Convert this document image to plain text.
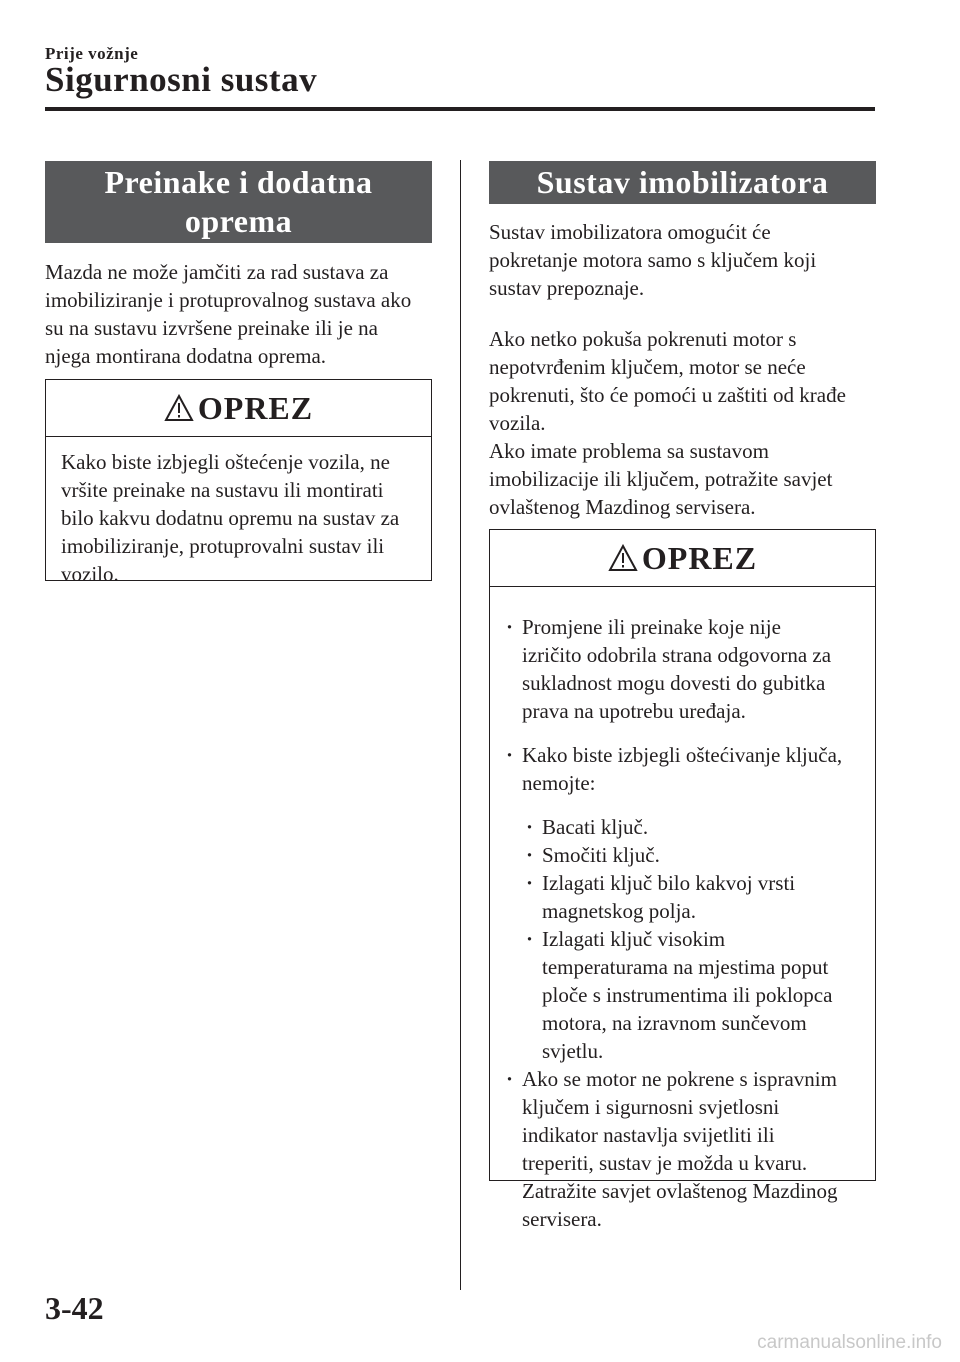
Prije vožnje
Sigurnosni sustav
Preinake i dodatna
oprema

Mazda ne može jamčiti za rad sustava za

imobiliziranje i protuprovalnog sustava ako

su na sustavu izvršene preinake ili je na

njega montirana dodatna oprema.

OPREZ
Kako biste izbjegli oštećenje vozila, ne
vršite preinake na sustavu ili montirati
bilo kakvu dodatnu opremu na sustav za
imobiliziranje, protuprovalni sustav ili
vozilo.
Sustav imobilizatora

Sustav imobilizatora omogućit će

pokretanje motora samo s ključem koji

sustav prepoznaje.

Ako netko pokuša pokrenuti motor s

nepotvrđenim ključem, motor se neće

pokrenuti, što će pomoći u zaštiti od krađe

vozila.

Ako imate problema sa sustavom

imobilizacije ili ključem, potražite savjet

ovlaštenog Mazdinog servisera.

OPREZ
· Promjene ili preinake koje nije
izričito odobrila strana odgovorna za
sukladnost mogu dovesti do gubitka
prava na upotrebu uređaja.
· Kako biste izbjegli oštećivanje ključa,
nemojte:
· Bacati ključ.
· Smočiti ključ.
· Izlagati ključ bilo kakvoj vrsti
magnetskog polja.
· Izlagati ključ visokim
temperaturama na mjestima poput
ploče s instrumentima ili poklopca
motora, na izravnom sunčevom
svjetlu.
· Ako se motor ne pokrene s ispravnim
ključem i sigurnosni svjetlosni
indikator nastavlja svijetliti ili
treperiti, sustav je možda u kvaru.
Zatražite savjet ovlaštenog Mazdinog
servisera.
3-42
carmanualsonline.info
